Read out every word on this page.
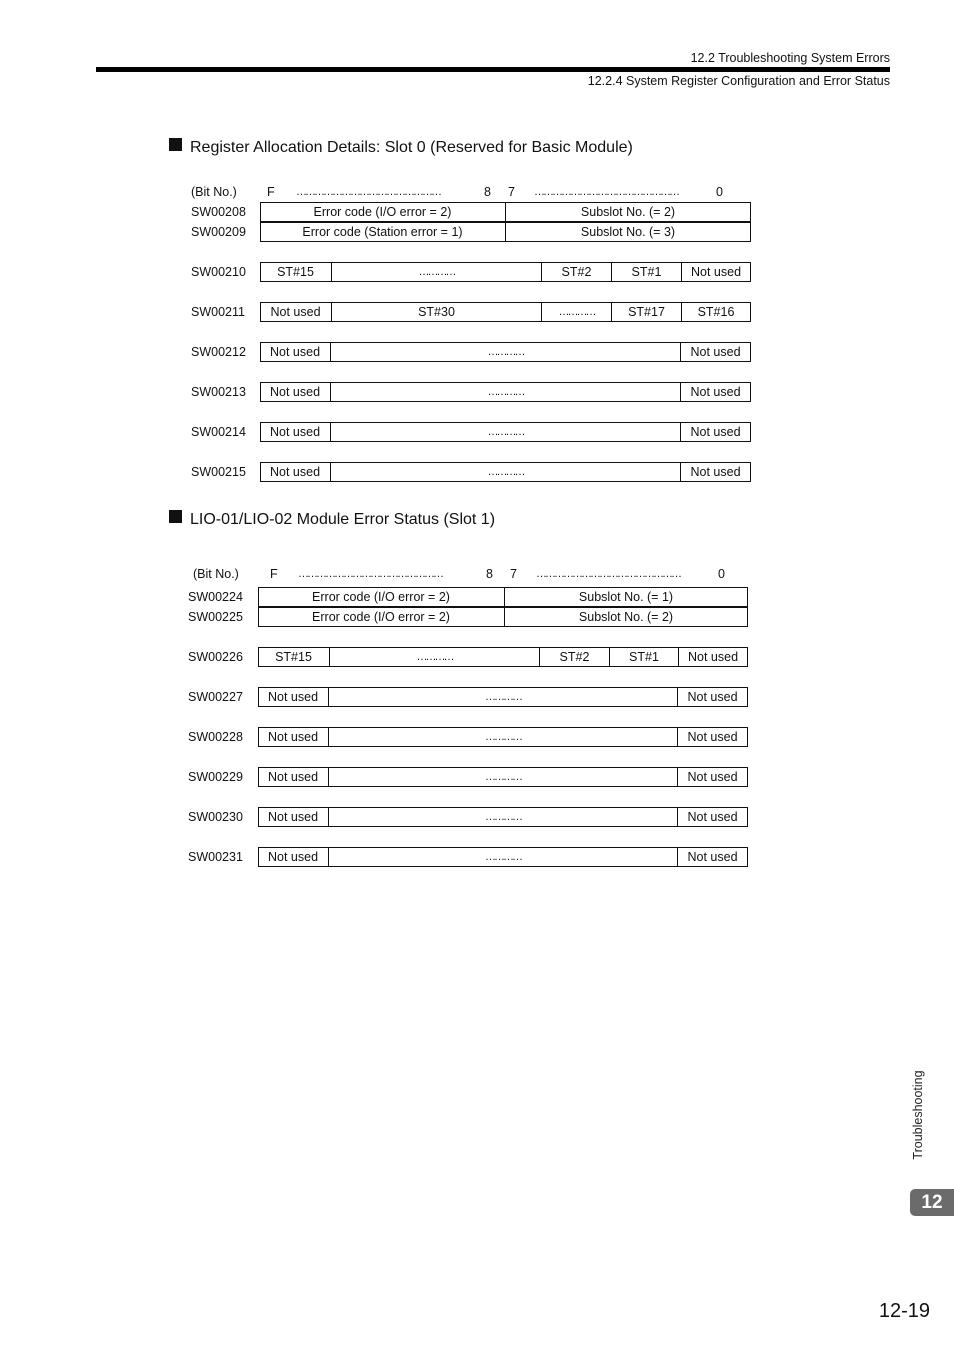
12.2 Troubleshooting System Errors
12.2.4 System Register Configuration and Error Status
Register Allocation Details: Slot 0 (Reserved for Basic Module)
LIO-01/LIO-02 Module Error Status (Slot 1)
(Bit No.) F …………………………………………	8 7	0
…………………………………………
SW00208	Error code (I/O error = 2)	Subslot No. (= 2)
SW00209	Error code (Station error = 1)	Subslot No. (= 3)
SW00210	ST#15	…………	ST#2	ST#1	Not used
SW00211	Not used	ST#30	…………	ST#17	ST#16
SW00212	Not used	…………	Not used
SW00213	Not used	…………	Not used
SW00214	Not used	…………	Not used
SW00215	Not used	…………	Not used
(Bit No.) F …………………………………………	8 7	0
…………………………………………
SW00224	Error code (I/O error = 2)	Subslot No. (= 1)
SW00225	Error code (I/O error = 2)	Subslot No. (= 2)
SW00226	ST#15	…………	ST#2	ST#1	Not used
SW00227	Not used	…………	Not used
SW00228	Not used	…………	Not used
SW00229	Not used	…………	Not used
SW00230	Not used	…………	Not used
SW00231	Not used	…………	Not used
Troubleshooting
12
12-19
